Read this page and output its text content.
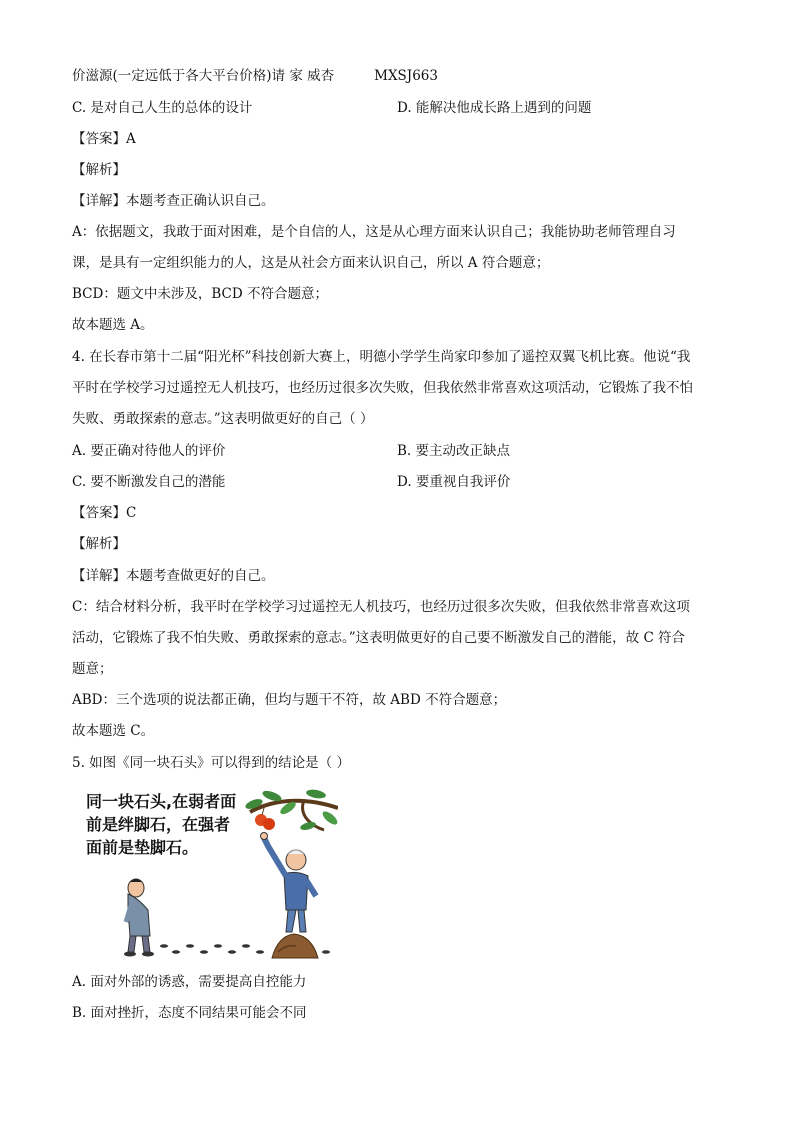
价滋源(一定远低于各大平台价格)请 家 威杏	MXSJ663
C. 是对自己人生的总体的设计	D. 能解决他成长路上遇到的问题
【答案】A
【解析】
【详解】本题考查正确认识自己。
A：依据题文，我敢于面对困难，是个自信的人，这是从心理方面来认识自己；我能协助老师管理自习
课，是具有一定组织能力的人，这是从社会方面来认识自己，所以 A 符合题意；
BCD：题文中未涉及，BCD 不符合题意；
故本题选 A。
4. 在长春市第十二届“阳光杯”科技创新大赛上，明德小学学生尚家印参加了遥控双翼飞机比赛。他说“我
平时在学校学习过遥控无人机技巧，也经历过很多次失败，但我依然非常喜欢这项活动，它锻炼了我不怕
失败、勇敢探索的意志。”这表明做更好的自己（ ）
A. 要正确对待他人的评价	B. 要主动改正缺点
C. 要不断激发自己的潜能	D. 要重视自我评价
【答案】C
【解析】
【详解】本题考查做更好的自己。
C：结合材料分析，我平时在学校学习过遥控无人机技巧，也经历过很多次失败，但我依然非常喜欢这项
活动，它锻炼了我不怕失败、勇敢探索的意志。”这表明做更好的自己要不断激发自己的潜能，故 C 符合
题意；
ABD：三个选项的说法都正确，但均与题干不符，故 ABD 不符合题意；
故本题选 C。
5. 如图《同一块石头》可以得到的结论是（ ）
同一块石头,在弱者面
前是绊脚石，在强者
面前是垫脚石。
A. 面对外部的诱惑，需要提高自控能力
B. 面对挫折，态度不同结果可能会不同
